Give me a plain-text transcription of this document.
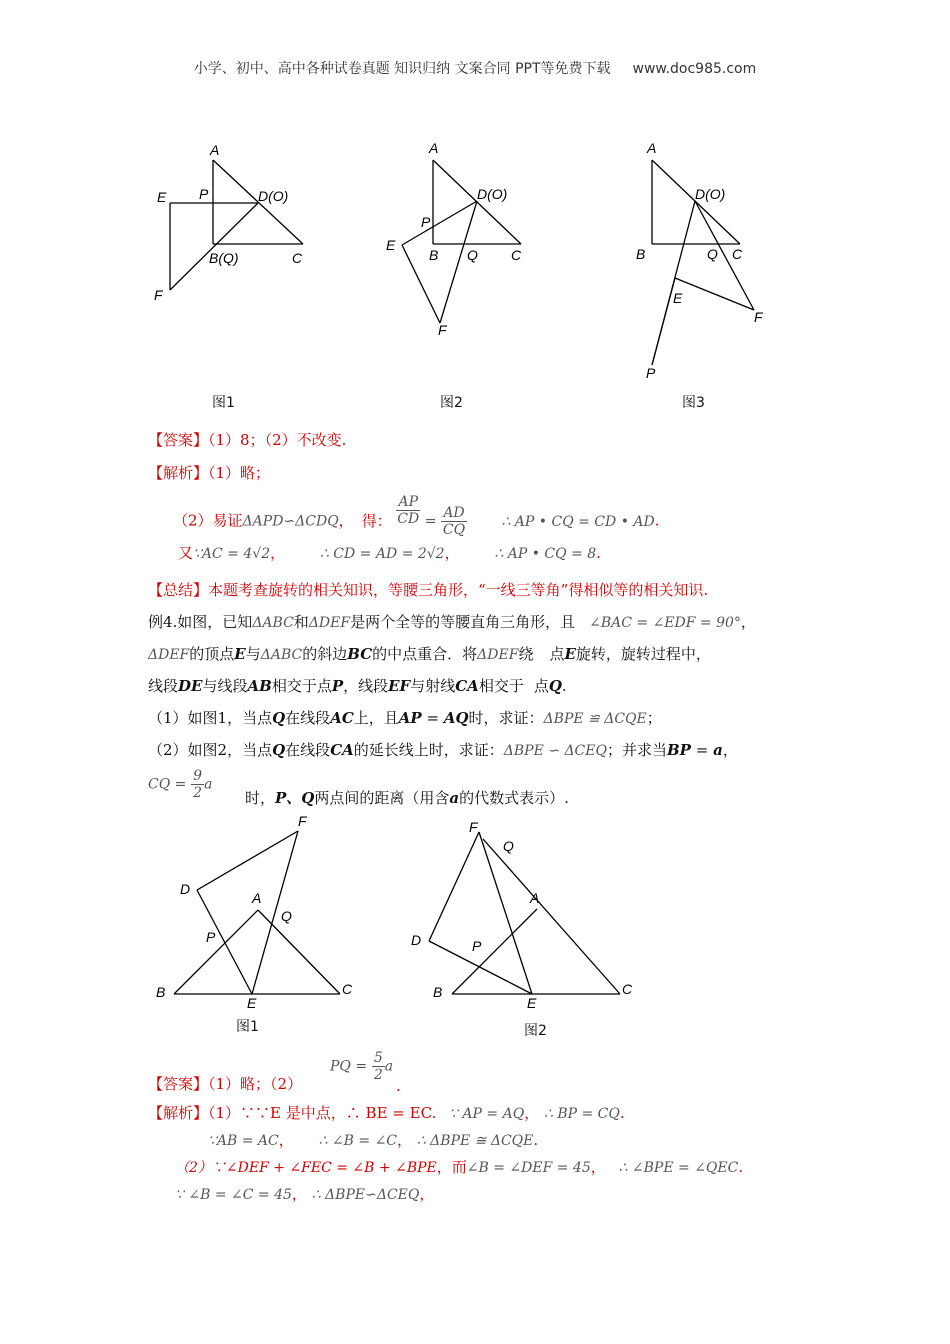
小学、初中、高中各种试卷真题 知识归纳 文案合同 PPT等免费下载 www.doc985.com
A
E P	D(O)
B(Q)	C
F
A
D(O)
P
E
B Q C
F
A
D(O)
B	Q C
E
F
P
图1	图2	图3
【答案】（1）8；（2）不改变.
【解析】（1）略；
（2）易证ΔAPD∽ΔCDQ， 得： $\frac{AP}{CD} = \frac{AD}{CQ}$ ∴ AP • CQ = CD • AD.
又∵AC = 4√2， ∴ CD = AD = 2√2， ∴ AP • CQ = 8.
【总结】本题考查旋转的相关知识，等腰三角形，“一线三等角”得相似等的相关知识.
例4.如图，已知ΔABC和ΔDEF是两个全等的等腰直角三角形，且 ∠BAC = ∠EDF = 90°，
ΔDEF的顶点E与ΔABC的斜边BC的中点重合．将ΔDEF绕 点E旋转，旋转过程中，
线段DE与线段AB相交于点P，线段EF与射线CA相交于 点Q.
（1）如图1，当点Q在线段AC上，且AP = AQ时，求证：ΔBPE ≌ ΔCQE；
（2）如图2，当点Q在线段CA的延长线上时，求证：ΔBPE ∽ ΔCEQ；并求当BP = a，
CQ = $\frac{9}{2}$ a
时，P、Q两点间的距离（用含a的代数式表示）.
F
D
A
Q
P
B
E
C
图1
F
Q
A
D	P
B
E
C
图2
【答案】（1）略；（2）
PQ = $\frac{5}{2}$ a
.
【解析】（1）∵∵E 是中点，∴ BE = EC. ∵ AP = AQ， ∴ BP = CQ.
∵AB = AC， ∴ ∠B = ∠C， ∴ ΔBPE ≅ ΔCQE.
（2）∵∠DEF + ∠FEC = ∠B + ∠BPE，而∠B = ∠DEF = 45， ∴ ∠BPE = ∠QEC.
∵ ∠B = ∠C = 45， ∴ ΔBPE∽ΔCEQ，
